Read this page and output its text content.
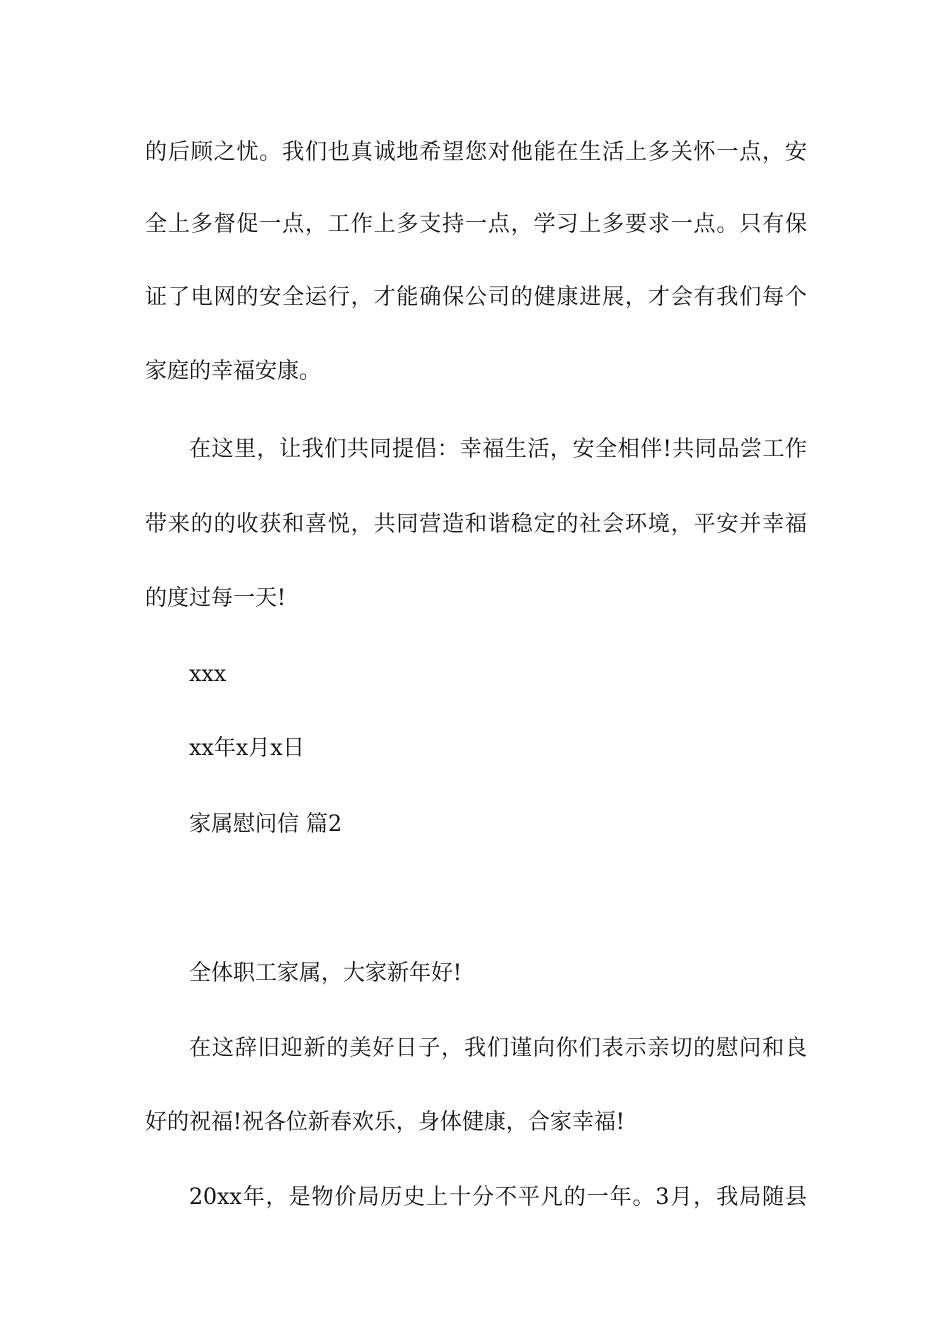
的后顾之忧。我们也真诚地希望您对他能在生活上多关怀一点，安
全上多督促一点，工作上多支持一点，学习上多要求一点。只有保
证了电网的安全运行，才能确保公司的健康进展，才会有我们每个
家庭的幸福安康。
在这里，让我们共同提倡：幸福生活，安全相伴!共同品尝工作
带来的的收获和喜悦，共同营造和谐稳定的社会环境，平安并幸福
的度过每一天!
xxx
xx年x月x日
家属慰问信 篇2
全体职工家属，大家新年好!
在这辞旧迎新的美好日子，我们谨向你们表示亲切的慰问和良
好的祝福!祝各位新春欢乐，身体健康，合家幸福!
20xx年，是物价局历史上十分不平凡的一年。3月，我局随县
